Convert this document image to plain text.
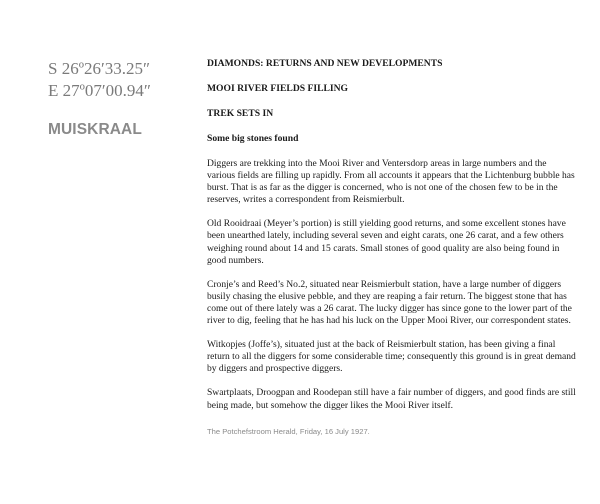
S 26º26′33.25″
E 27º07′00.94″
MUISKRAAL
DIAMONDS: RETURNS AND NEW DEVELOPMENTS
MOOI RIVER FIELDS FILLING
TREK SETS IN
Some big stones found

Diggers are trekking into the Mooi River and Ventersdorp areas in large numbers and the various fields are filling up rapidly. From all accounts it appears that the Lichtenburg bubble has burst. That is as far as the digger is concerned, who is not one of the chosen few to be in the reserves, writes a correspondent from Reismierbult.

Old Rooidraai (Meyer’s portion) is still yielding good returns, and some excellent stones have been unearthed lately, including several seven and eight carats, one 26 carat, and a few others weighing round about 14 and 15 carats. Small stones of good quality are also being found in good numbers.

Cronje’s and Reed’s No.2, situated near Reismierbult station, have a large number of diggers busily chasing the elusive pebble, and they are reaping a fair return. The biggest stone that has come out of there lately was a 26 carat. The lucky digger has since gone to the lower part of the river to dig, feeling that he has had his luck on the Upper Mooi River, our correspondent states.

Witkopjes (Joffe’s), situated just at the back of Reismierbult station, has been giving a final return to all the diggers for some considerable time; consequently this ground is in great demand by diggers and prospective diggers.

Swartplaats, Droogpan and Roodepan still have a fair number of diggers, and good finds are still being made, but somehow the digger likes the Mooi River itself.

The Potchefstroom Herald, Friday, 16 July 1927.
